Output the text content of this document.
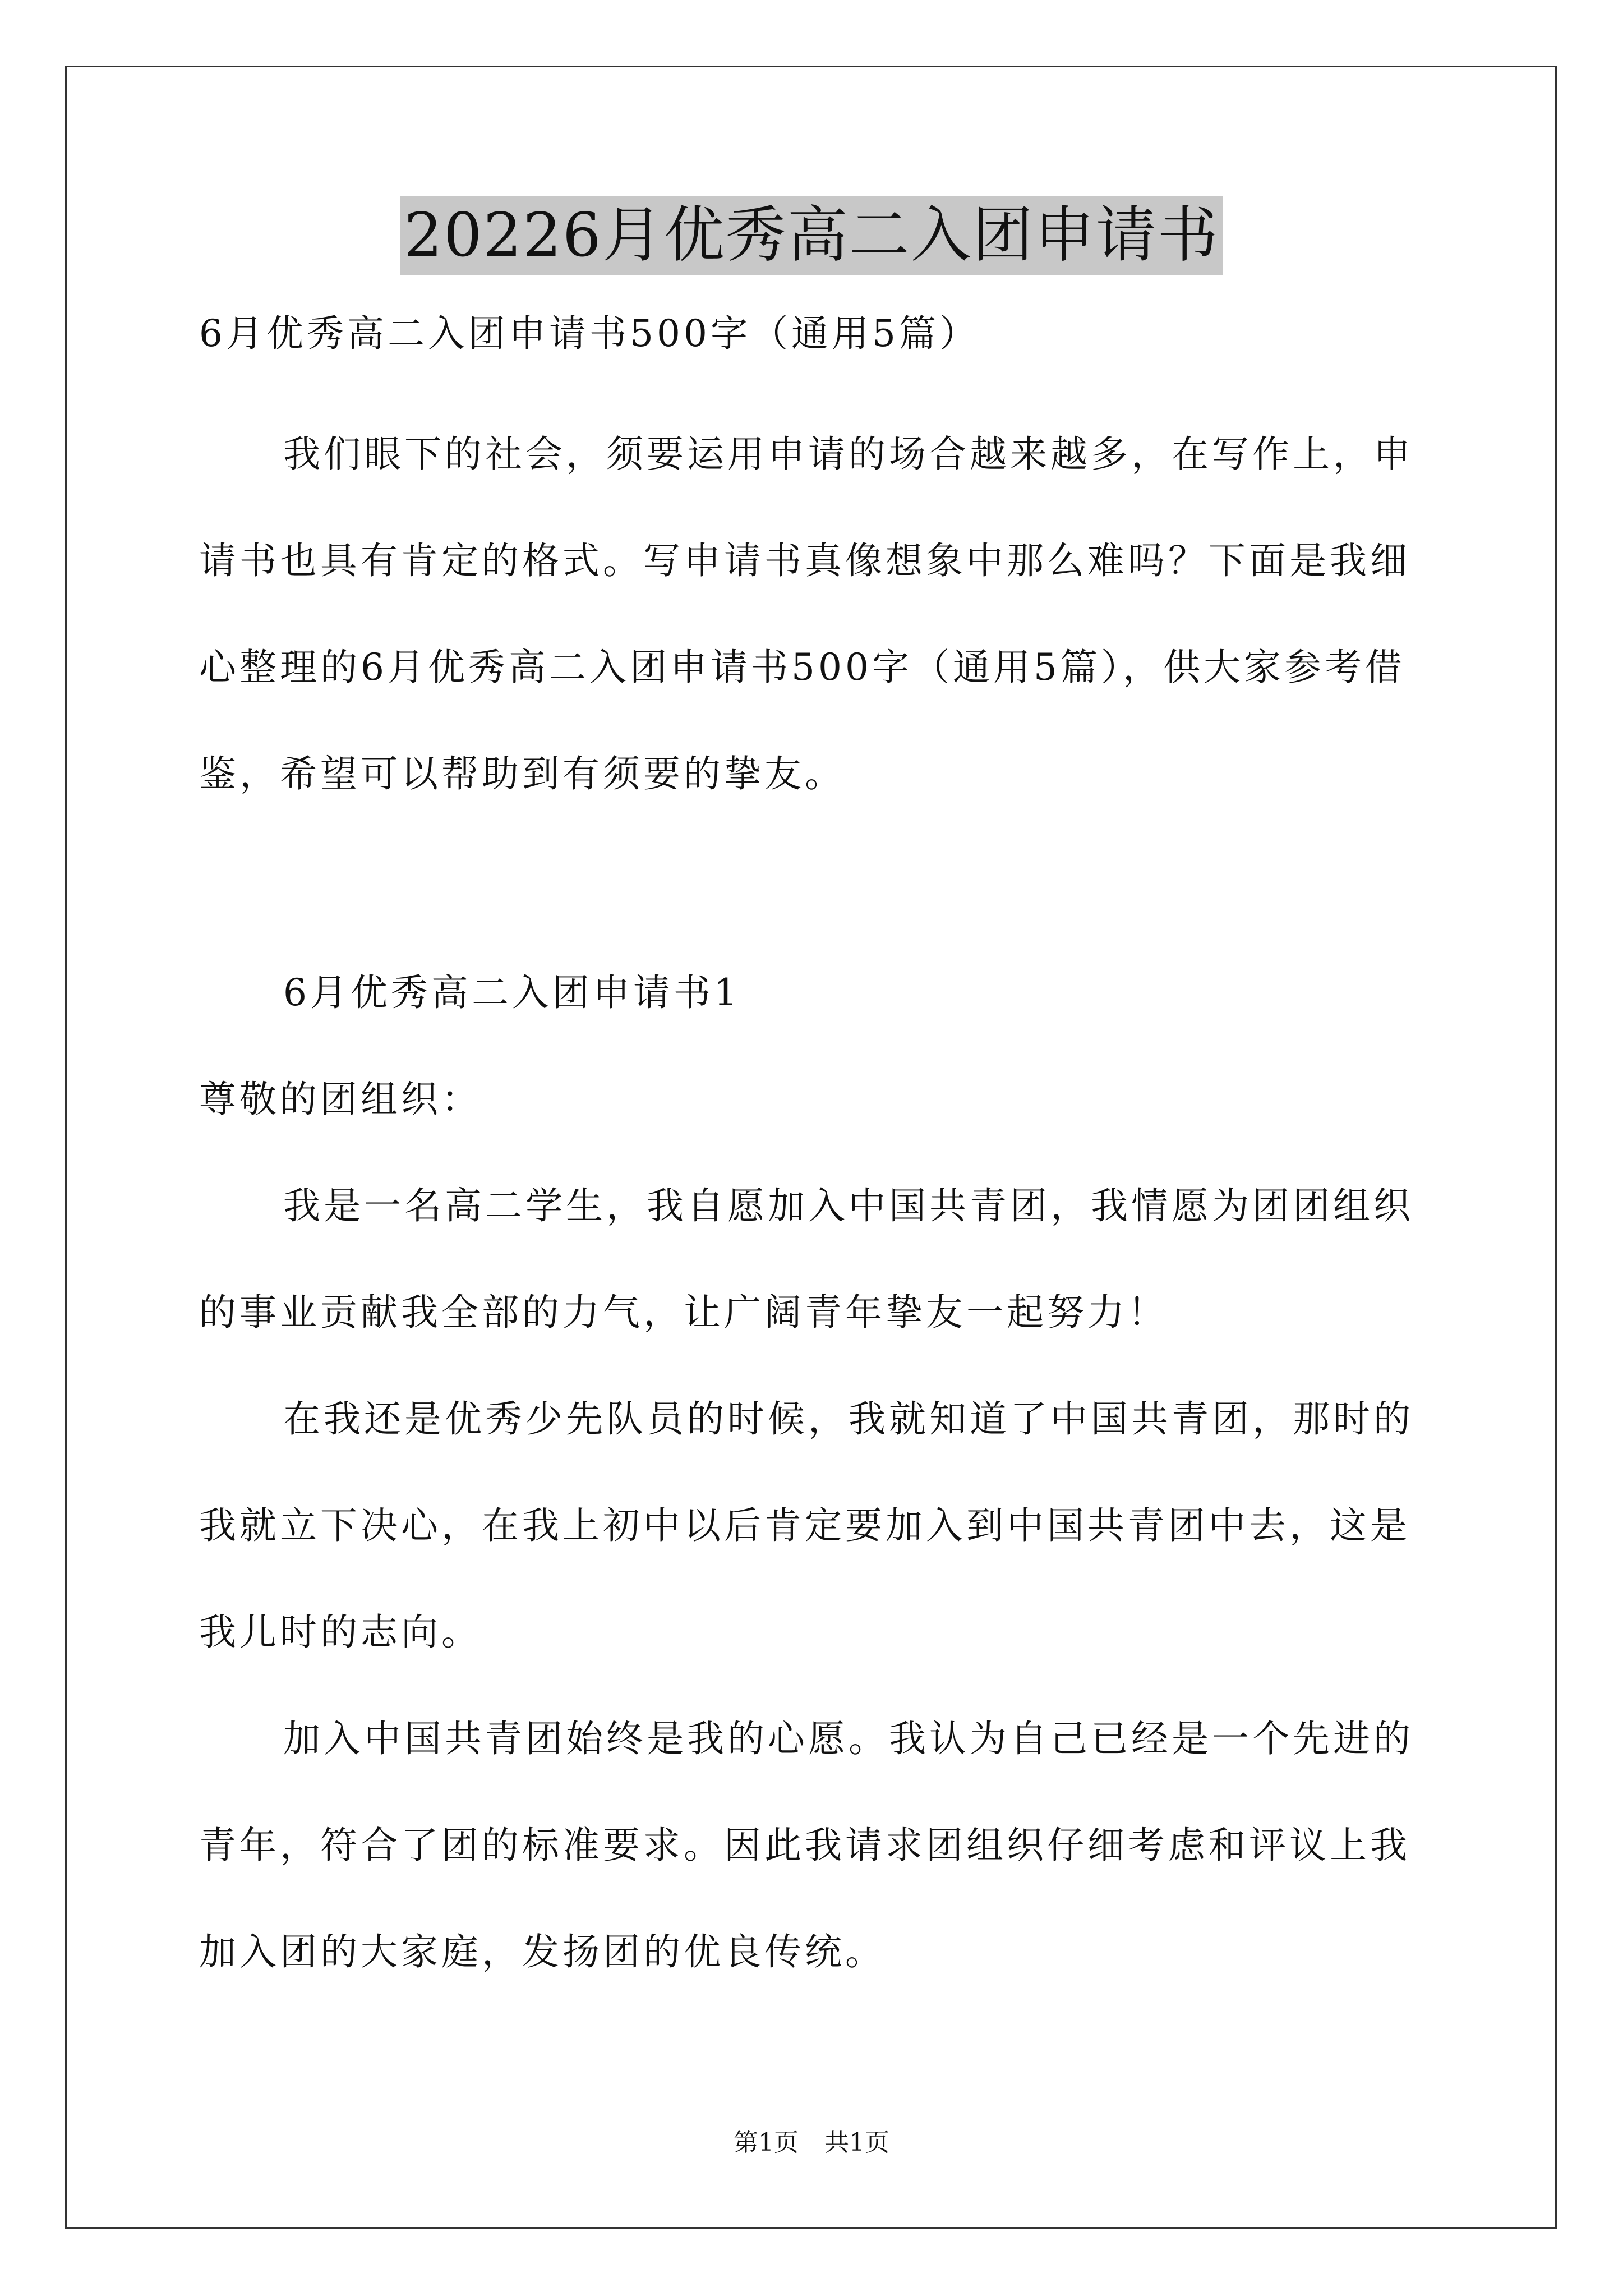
20226月优秀高二入团申请书
6月优秀高二入团申请书500字（通用5篇）
我们眼下的社会，须要运用申请的场合越来越多，在写作上，申
请书也具有肯定的格式。写申请书真像想象中那么难吗？下面是我细
心整理的6月优秀高二入团申请书500字（通用5篇），供大家参考借
鉴，希望可以帮助到有须要的挚友。
6月优秀高二入团申请书1
尊敬的团组织：
我是一名高二学生，我自愿加入中国共青团，我情愿为团团组织
的事业贡献我全部的力气，让广阔青年挚友一起努力！
在我还是优秀少先队员的时候，我就知道了中国共青团，那时的
我就立下决心，在我上初中以后肯定要加入到中国共青团中去，这是
我儿时的志向。
加入中国共青团始终是我的心愿。我认为自己已经是一个先进的
青年，符合了团的标准要求。因此我请求团组织仔细考虑和评议上我
加入团的大家庭，发扬团的优良传统。
第1页 共1页
